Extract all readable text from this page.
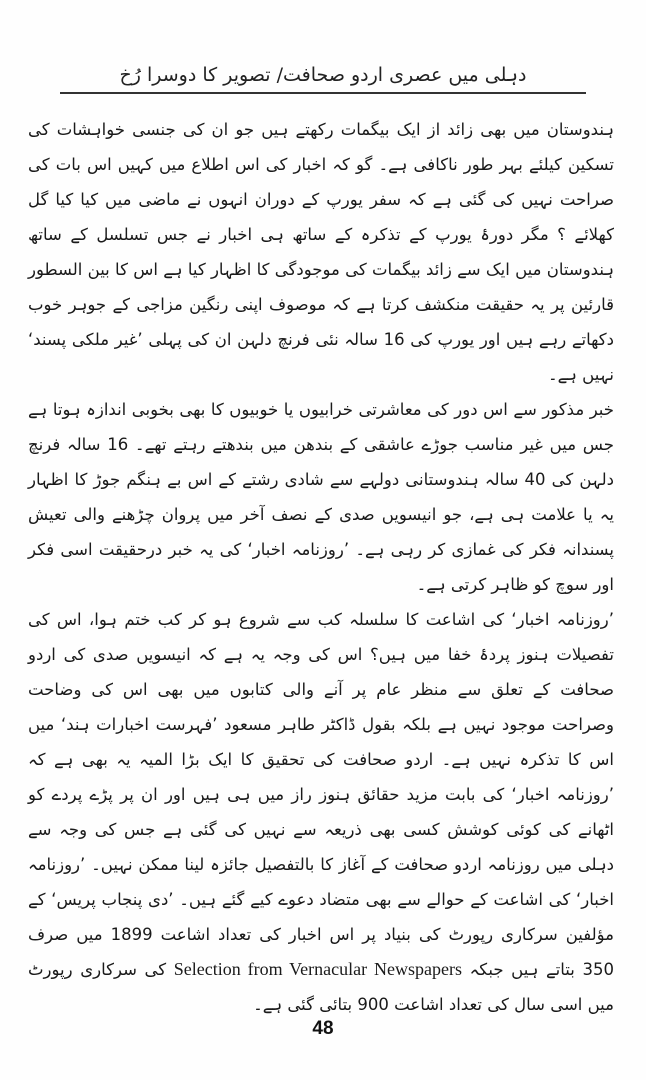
دہلی میں عصری اردو صحافت/ تصویر کا دوسرا رُخ

ہندوستان میں بھی زائد از ایک بیگمات رکھتے ہیں جو ان کی جنسی خواہشات کی تسکین کیلئے بہر طور ناکافی ہے۔ گو کہ اخبار کی اس اطلاع میں کہیں اس بات کی صراحت نہیں کی گئی ہے کہ سفر یورپ کے دوران انہوں نے ماضی میں کیا کیا گل کھلائے ؟ مگر دورۂ یورپ کے تذکرہ کے ساتھ ہی اخبار نے جس تسلسل کے ساتھ ہندوستان میں ایک سے زائد بیگمات کی موجودگی کا اظہار کیا ہے اس کا بین السطور قارئین پر یہ حقیقت منکشف کرتا ہے کہ موصوف اپنی رنگین مزاجی کے جوہر خوب دکھاتے رہے ہیں اور یورپ کی 16 سالہ نئی فرنچ دلہن ان کی پہلی ’غیر ملکی پسند‘ نہیں ہے۔

خبر مذکور سے اس دور کی معاشرتی خرابیوں یا خوبیوں کا بھی بخوبی اندازہ ہوتا ہے جس میں غیر مناسب جوڑے عاشقی کے بندھن میں بندھتے رہتے تھے۔ 16 سالہ فرنچ دلہن کی 40 سالہ ہندوستانی دولہے سے شادی رشتے کے اس بے ہنگم جوڑ کا اظہار یہ یا علامت ہی ہے، جو انیسویں صدی کے نصف آخر میں پروان چڑھنے والی تعیش پسندانہ فکر کی غمازی کر رہی ہے۔ ’روزنامہ اخبار‘ کی یہ خبر درحقیقت اسی فکر اور سوچ کو ظاہر کرتی ہے۔

’روزنامہ اخبار‘ کی اشاعت کا سلسلہ کب سے شروع ہو کر کب ختم ہوا، اس کی تفصیلات ہنوز پردۂ خفا میں ہیں؟ اس کی وجہ یہ ہے کہ انیسویں صدی کی اردو صحافت کے تعلق سے منظر عام پر آنے والی کتابوں میں بھی اس کی وضاحت وصراحت موجود نہیں ہے بلکہ بقول ڈاکٹر طاہر مسعود ’فہرست اخبارات ہند‘ میں اس کا تذکرہ نہیں ہے۔ اردو صحافت کی تحقیق کا ایک بڑا المیہ یہ بھی ہے کہ ’روزنامہ اخبار‘ کی بابت مزید حقائق ہنوز راز میں ہی ہیں اور ان پر پڑے پردے کو اٹھانے کی کوئی کوشش کسی بھی ذریعہ سے نہیں کی گئی ہے جس کی وجہ سے دہلی میں روزنامہ اردو صحافت کے آغاز کا بالتفصیل جائزہ لینا ممکن نہیں۔ ’روزنامہ اخبار‘ کی اشاعت کے حوالے سے بھی متضاد دعوے کیے گئے ہیں۔ ’دی پنجاب پریس‘ کے مؤلفین سرکاری رپورٹ کی بنیاد پر اس اخبار کی تعداد اشاعت 1899 میں صرف 350 بتاتے ہیں جبکہ Selection from Vernacular Newspapers کی سرکاری رپورٹ میں اسی سال کی تعداد اشاعت 900 بتائی گئی ہے۔

48
